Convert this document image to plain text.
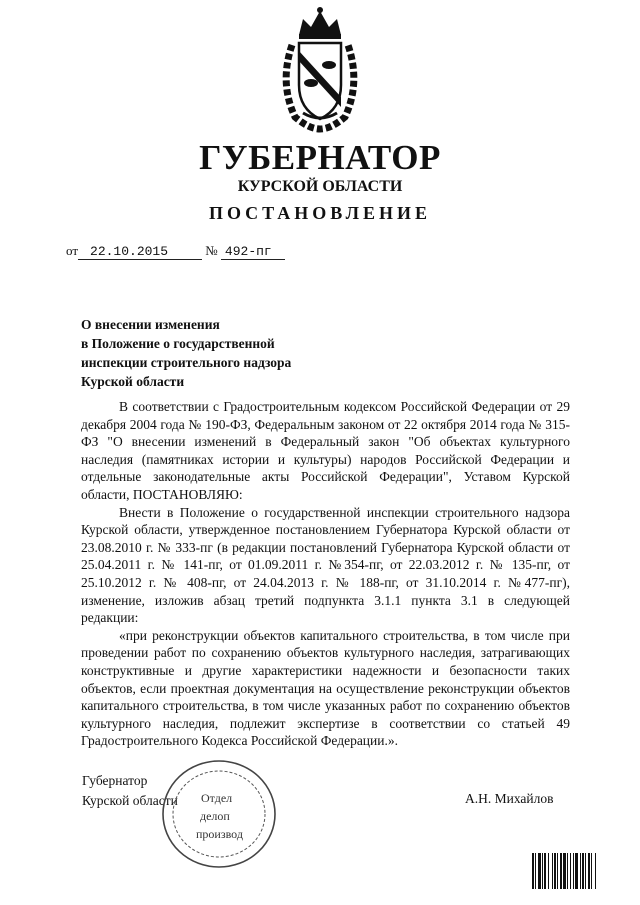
ГУБЕРНАТОР
КУРСКОЙ ОБЛАСТИ
ПОСТАНОВЛЕНИЕ
от 22.10.2015	№ 492-пг
О внесении изменения
в Положение о государственной
инспекции строительного надзора
Курской области

В соответствии с Градостроительным кодексом Российской Федерации от 29 декабря 2004 года № 190-ФЗ, Федеральным законом от 22 октября 2014 года № 315-ФЗ "О внесении изменений в Федеральный закон "Об объектах культурного наследия (памятниках истории и культуры) народов Российской Федерации и отдельные законодательные акты Российской Федерации", Уставом Курской области, ПОСТАНОВЛЯЮ:

Внести в Положение о государственной инспекции строительного надзора Курской области, утвержденное постановлением Губернатора Курской области от 23.08.2010 г. № 333-пг (в редакции постановлений Губернатора Курской области от 25.04.2011 г. № 141-пг, от 01.09.2011 г. №354-пг, от 22.03.2012 г. № 135-пг, от 25.10.2012 г. № 408-пг, от 24.04.2013 г. № 188-пг, от 31.10.2014 г. №477-пг), изменение, изложив абзац третий подпункта 3.1.1 пункта 3.1 в следующей редакции:

«при реконструкции объектов капитального строительства, в том числе при проведении работ по сохранению объектов культурного наследия, затрагивающих конструктивные и другие характеристики надежности и безопасности таких объектов, если проектная документация на осуществление реконструкции объектов капитального строительства, в том числе указанных работ по сохранению объектов культурного наследия, подлежит экспертизе в соответствии со статьей 49 Градостроительного Кодекса Российской Федерации.».

Губернатор
Курской области	А.Н. Михайлов
Отдел
делоп
производ
